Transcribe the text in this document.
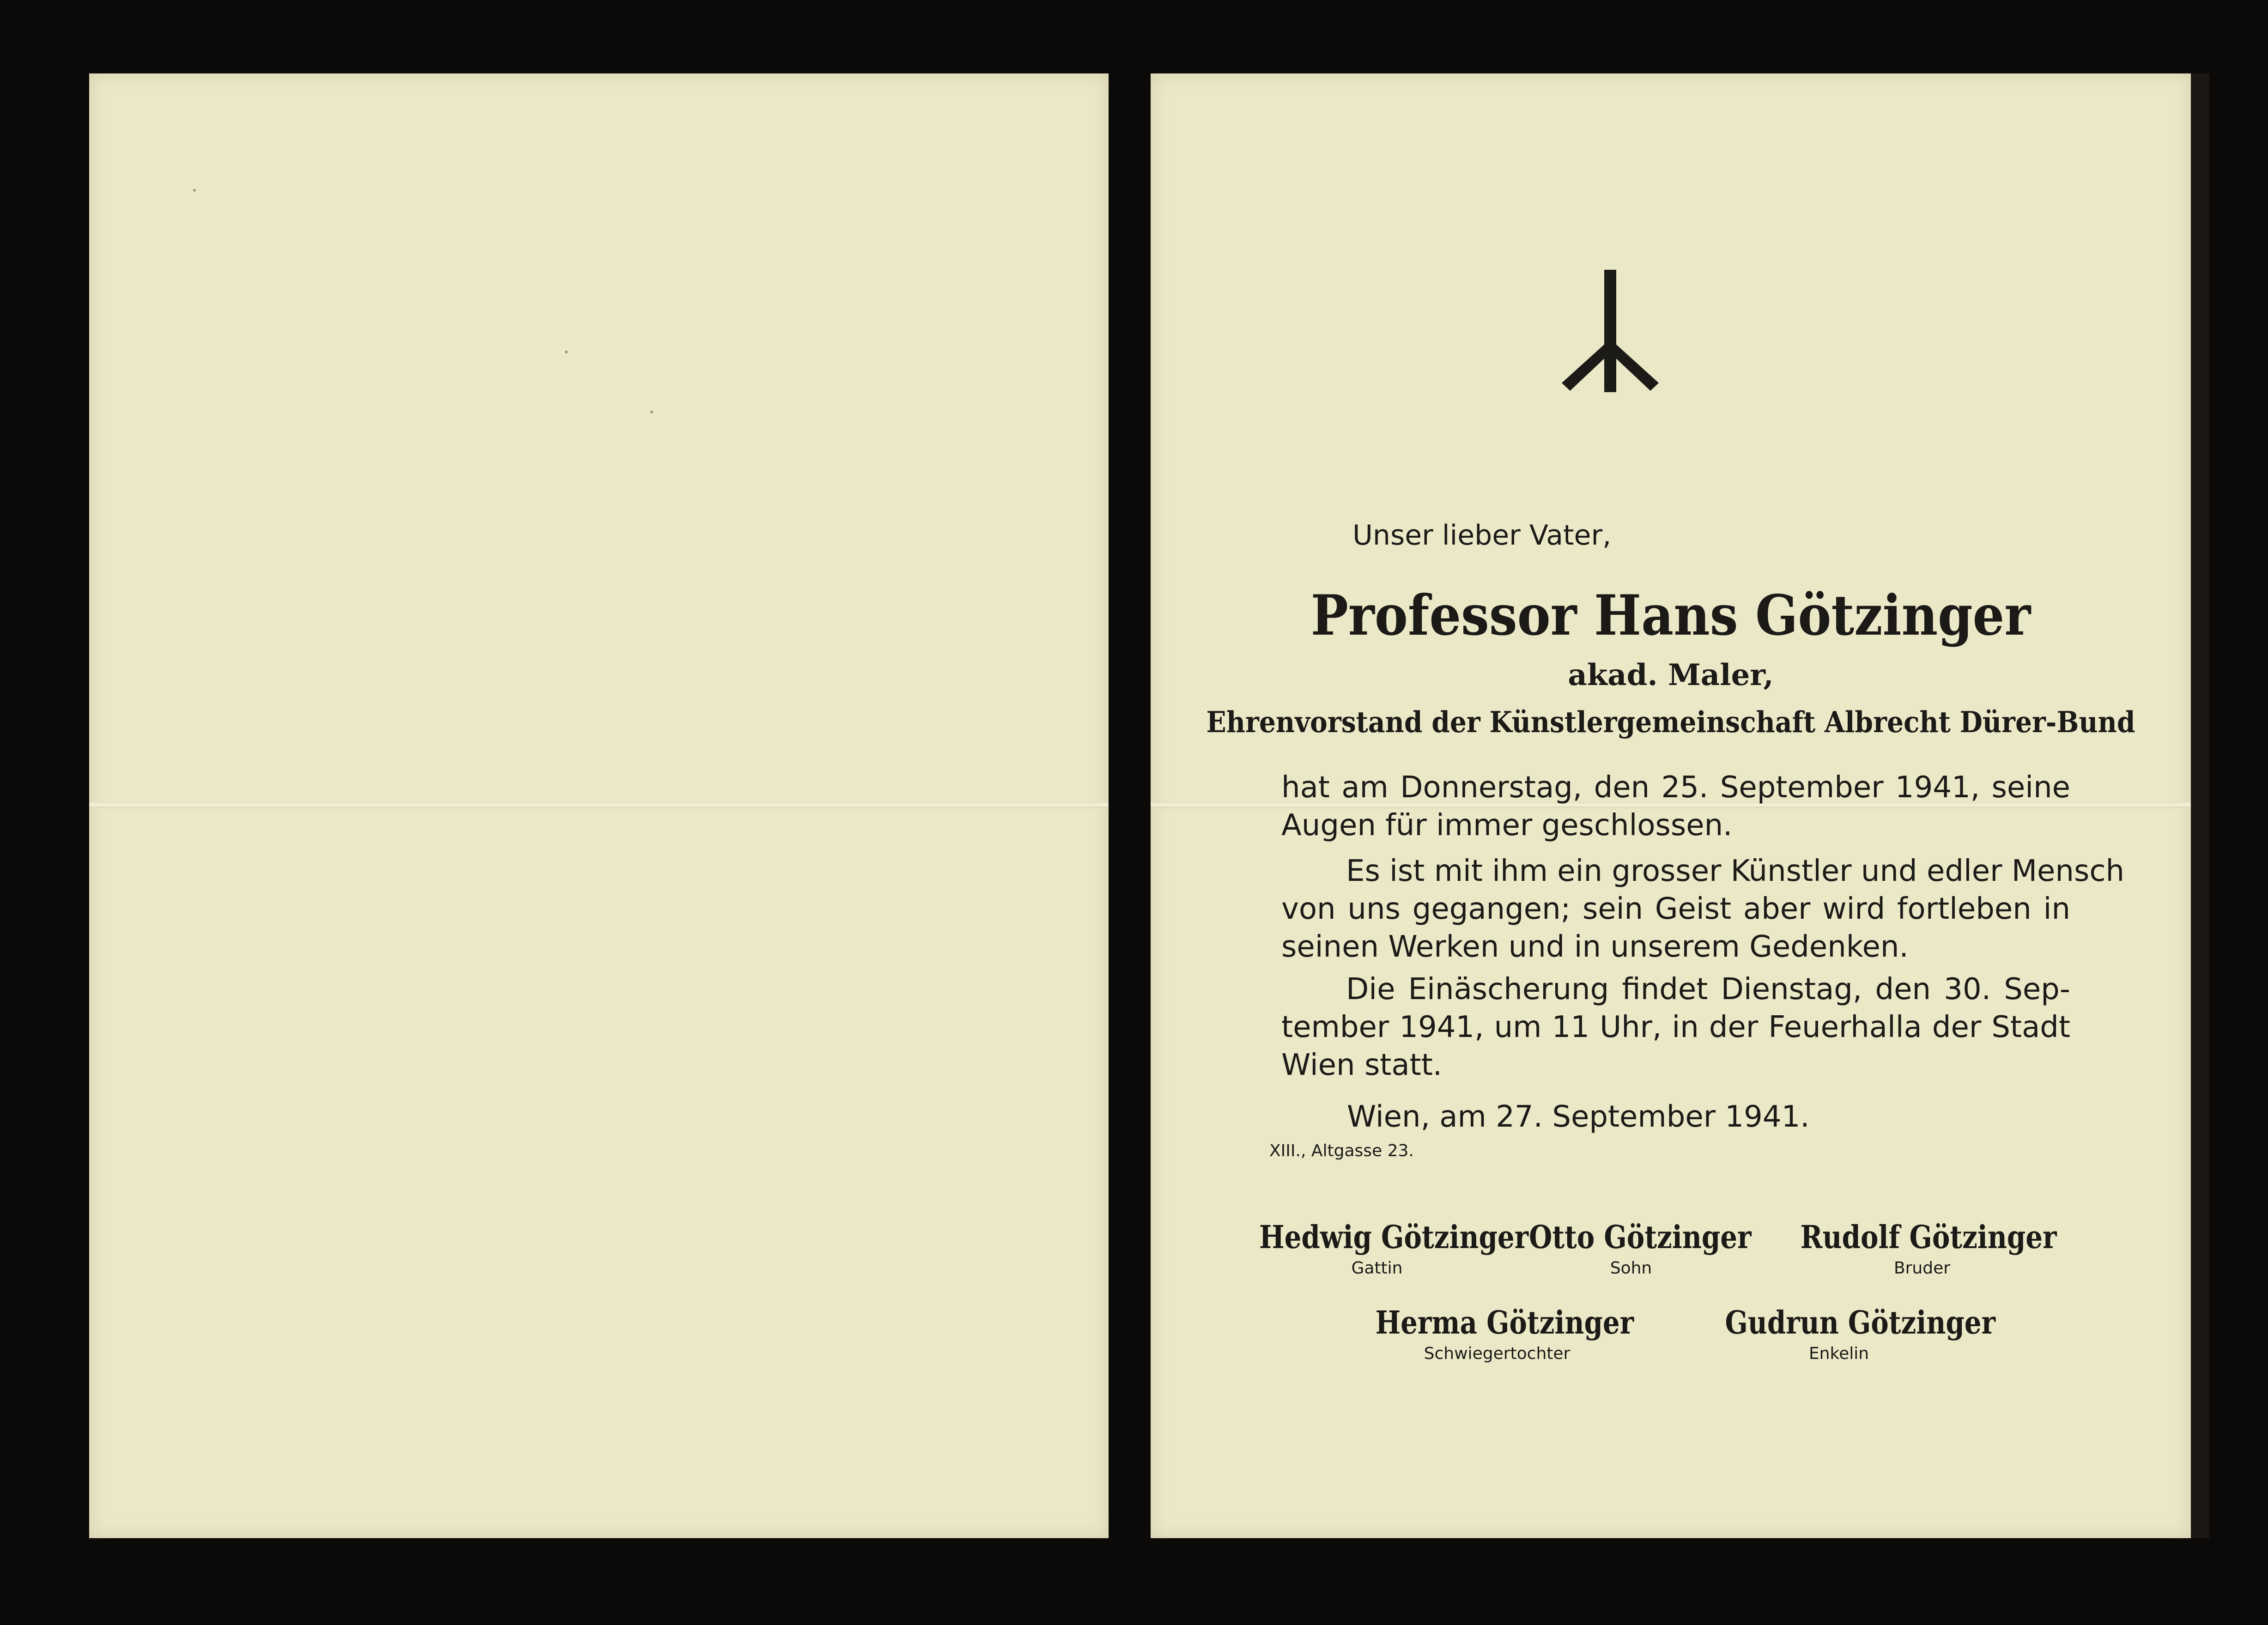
Unser lieber Vater,
Professor Hans Götzinger
akad. Maler,
Ehrenvorstand der Künstlergemeinschaft Albrecht Dürer-Bund
hat am Donnerstag, den 25. September 1941, seine
Augen für immer geschlossen.
Es ist mit ihm ein grosser Künstler und edler Mensch
von uns gegangen; sein Geist aber wird fortleben in
seinen Werken und in unserem Gedenken.
Die Einäscherung findet Dienstag, den 30. Sep-
tember 1941, um 11 Uhr, in der Feuerhalla der Stadt
Wien statt.
Wien, am 27. September 1941.
XIII., Altgasse 23.
Hedwig Götzinger
Gattin
Otto Götzinger
Sohn
Rudolf Götzinger
Bruder
Herma Götzinger
Schwiegertochter
Gudrun Götzinger
Enkelin
